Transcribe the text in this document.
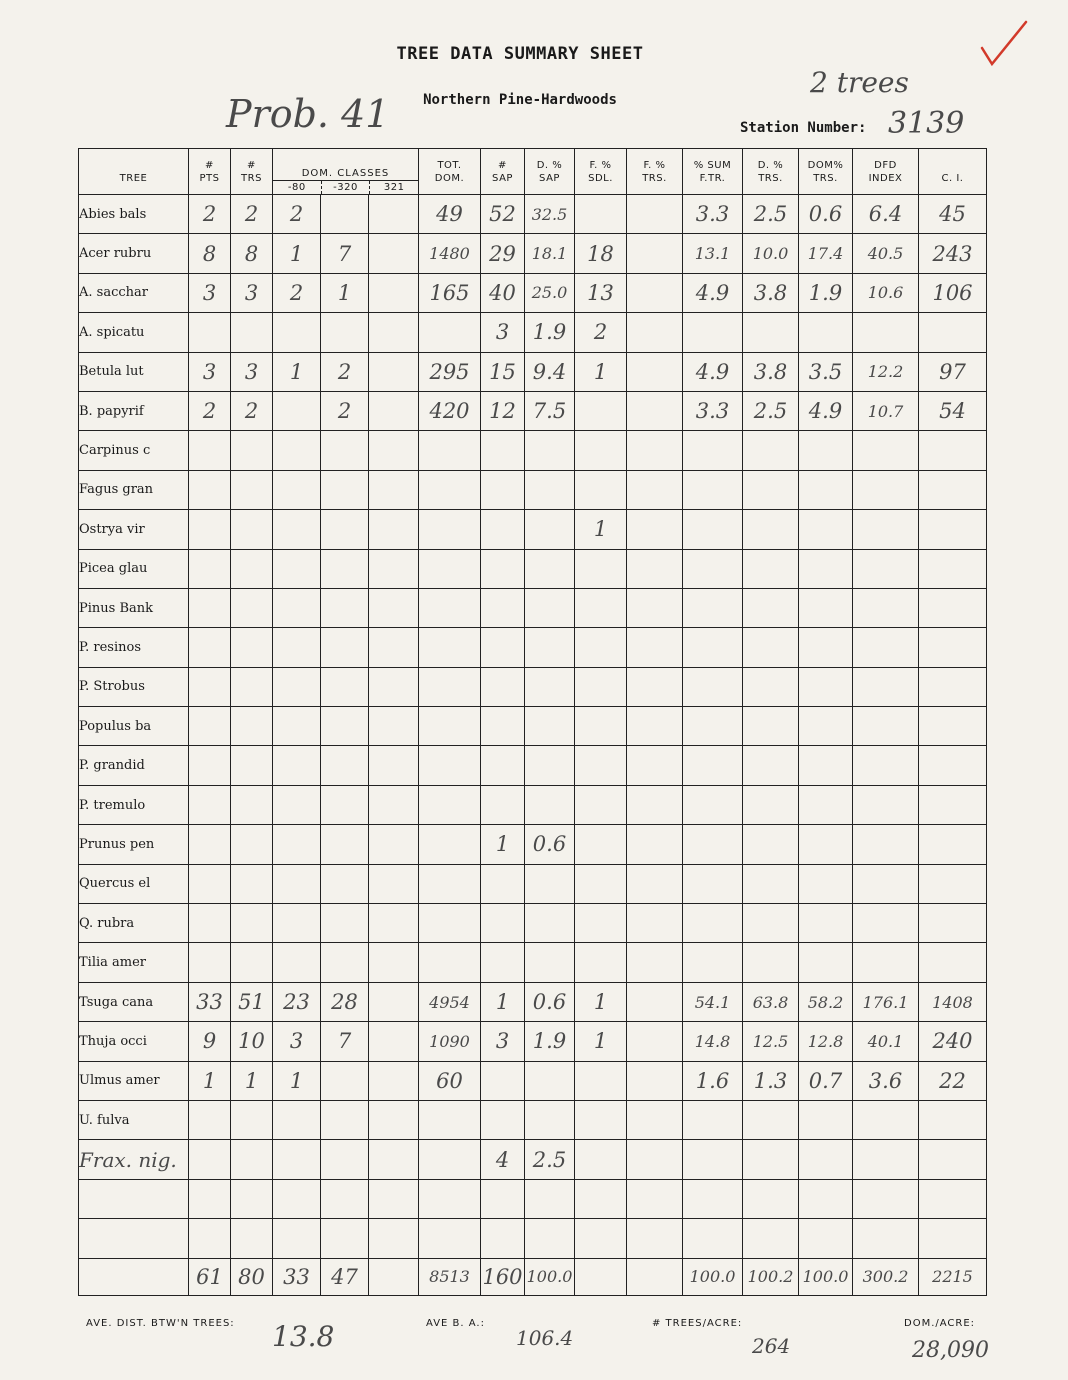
TREE DATA SUMMARY SHEET
Northern Pine-Hardwoods
Station Number: 3139
2 trees
Prob. 41
TREE	# PTS	# TRS	DOM. CLASSES
-80 -320 321			TOT. DOM.	# SAP	D. % SAP	F. % SDL.	F. % TRS.	% SUM F.TR.	D. % TRS.	DOM% TRS.	DFD INDEX	C. I.
Abies bals	2	2	2			49	52	32.5			3.3	2.5	0.6	6.4	45
Acer rubru	8	8	1	7		1480	29	18.1	18		13.1	10.0	17.4	40.5	243
A. sacchar	3	3	2	1		165	40	25.0	13		4.9	3.8	1.9	10.6	106
A. spicatu							3	1.9	2						
Betula lut	3	3	1	2		295	15	9.4	1		4.9	3.8	3.5	12.2	97
B. papyrif	2	2		2		420	12	7.5			3.3	2.5	4.9	10.7	54
Carpinus c															
Fagus gran															
Ostrya vir									1						
Picea glau															
Pinus Bank															
P. resinos															
P. Strobus															
Populus ba															
P. grandid															
P. tremulo															
Prunus pen							1	0.6							
Quercus el															
Q. rubra															
Tilia amer															
Tsuga cana	33	51	23	28		4954	1	0.6	1		54.1	63.8	58.2	176.1	1408
Thuja occi	9	10	3	7		1090	3	1.9	1		14.8	12.5	12.8	40.1	240
Ulmus amer	1	1	1			60					1.6	1.3	0.7	3.6	22
U. fulva															
Frax. nig.							4	2.5							

	61	80	33	47		8513	160	100.0			100.0	100.2	100.0	300.2	2215
AVE. DIST. BTW'N TREES: 13.8	AVE B. A.:
106.4
# TREES/ACRE:
264
DOM./ACRE:
28,090
